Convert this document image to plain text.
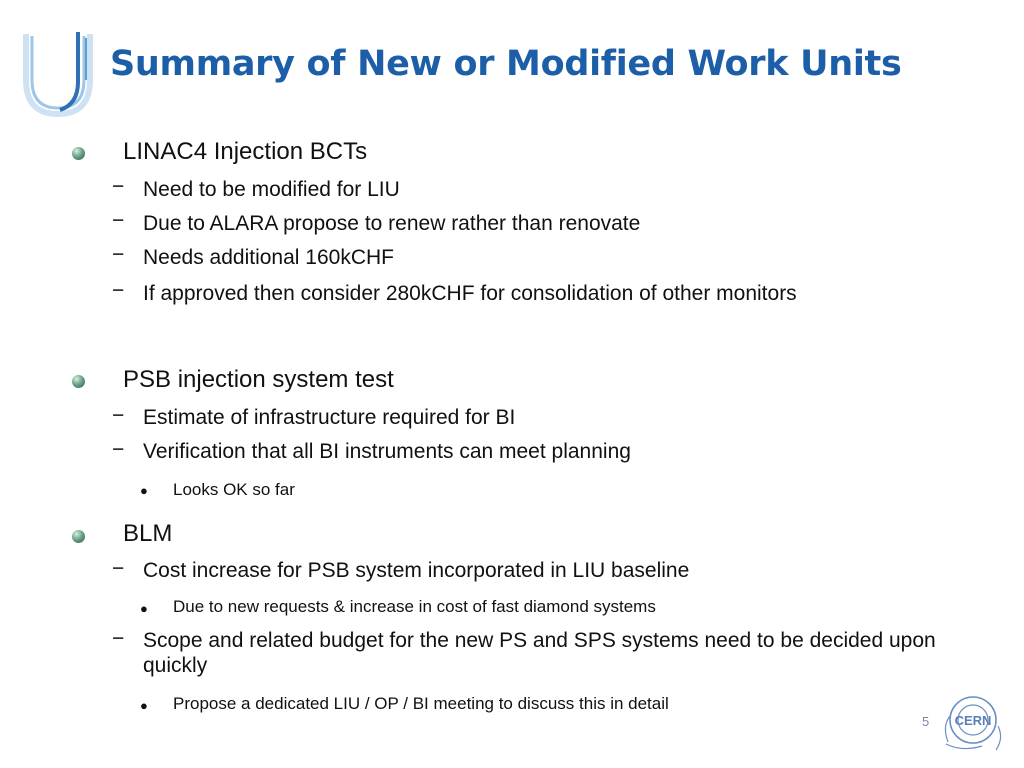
Summary of New or Modified Work Units
LINAC4 Injection BCTs
− Need to be modified for LIU
− Due to ALARA propose to renew rather than renovate
− Needs additional 160kCHF
− If approved then consider 280kCHF for consolidation of other monitors
PSB injection system test
− Estimate of infrastructure required for BI
− Verification that all BI instruments can meet planning
● Looks OK so far
BLM
− Cost increase for PSB system incorporated in LIU baseline
● Due to new requests & increase in cost of fast diamond systems
− Scope and related budget for the new PS and SPS systems need to be decided upon quickly
● Propose a dedicated LIU / OP / BI meeting to discuss this in detail
5 CERN
